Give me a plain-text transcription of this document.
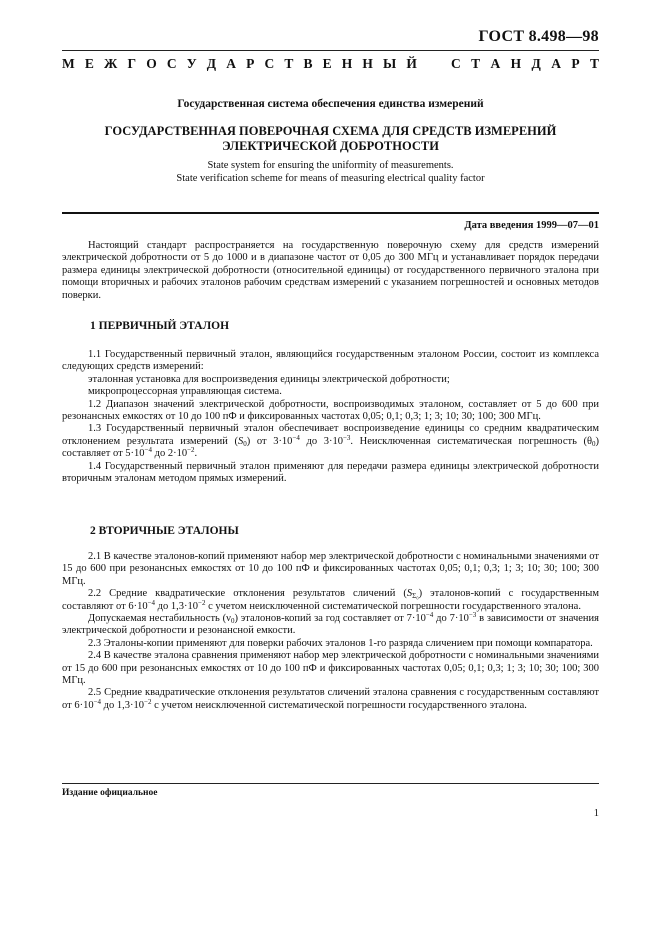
ГОСТ 8.498—98
М Е Ж Г О С У Д А Р С Т В Е Н Н Ы Й	С Т А Н Д А Р Т
Государственная система обеспечения единства измерений
ГОСУДАРСТВЕННАЯ ПОВЕРОЧНАЯ СХЕМА ДЛЯ СРЕДСТВ ИЗМЕРЕНИЙ
ЭЛЕКТРИЧЕСКОЙ ДОБРОТНОСТИ
State system for ensuring the uniformity of measurements.
State verification scheme for means of measuring electrical quality factor
Дата введения 1999—07—01

Настоящий стандарт распространяется на государственную поверочную схему для средств измерений электрической добротности от 5 до 1000 и в диапазоне частот от 0,05 до 300 МГц и устанавливает порядок передачи размера единицы электрической добротности (относительной единицы) от государственного первичного эталона при помощи вторичных и рабочих эталонов рабочим средствам измерений с указанием погрешностей и основных методов поверки.

1 ПЕРВИЧНЫЙ ЭТАЛОН

1.1 Государственный первичный эталон, являющийся государственным эталоном России, состоит из комплекса следующих средств измерений:

эталонная установка для воспроизведения единицы электрической добротности;

микропроцессорная управляющая система.

1.2 Диапазон значений электрической добротности, воспроизводимых эталоном, составляет от 5 до 600 при резонансных емкостях от 10 до 100 пФ и фиксированных частотах 0,05; 0,1; 0,3; 1; 3; 10; 30; 100; 300 МГц.

1.3 Государственный первичный эталон обеспечивает воспроизведение единицы со средним квадратическим отклонением результата измерений $(S_0)$ от $3\cdot 10^{-4}$ до $3\cdot 10^{-3}$. Неисключенная систематическая погрешность $(\theta_0)$ составляет от $5\cdot 10^{-4}$ до $2\cdot 10^{-2}$.

1.4 Государственный первичный эталон применяют для передачи размера единицы электрической добротности вторичным эталонам методом прямых измерений.

2 ВТОРИЧНЫЕ ЭТАЛОНЫ

2.1 В качестве эталонов-копий применяют набор мер электрической добротности с номинальными значениями от 15 до 600 при резонансных емкостях от 10 до 100 пФ и фиксированных частотах 0,05; 0,1; 0,3; 1; 3; 10; 30; 100; 300 МГц.

2.2 Средние квадратические отклонения результатов сличений $(S_{\Sigma_0})$ эталонов-копий с государственным составляют от $6\cdot 10^{-4}$ до $1,3\cdot 10^{-2}$ с учетом неисключенной систематической погрешности государственного эталона.

Допускаемая нестабильность $(\nu_0)$ эталонов-копий за год составляет от $7\cdot 10^{-4}$ до $7\cdot 10^{-3}$ в зависимости от значения электрической добротности и резонансной емкости.

2.3 Эталоны-копии применяют для поверки рабочих эталонов 1-го разряда сличением при помощи компаратора.

2.4 В качестве эталона сравнения применяют набор мер электрической добротности с номинальными значениями от 15 до 600 при резонансных емкостях от 10 до 100 пФ и фиксированных частотах 0,05; 0,1; 0,3; 1; 3; 10; 30; 100; 300 МГц.

2.5 Средние квадратические отклонения результатов сличений эталона сравнения с государственным составляют от $6\cdot 10^{-4}$ до $1,3\cdot 10^{-2}$ с учетом неисключенной систематической погрешности государственного эталона.

Издание официальное
1
